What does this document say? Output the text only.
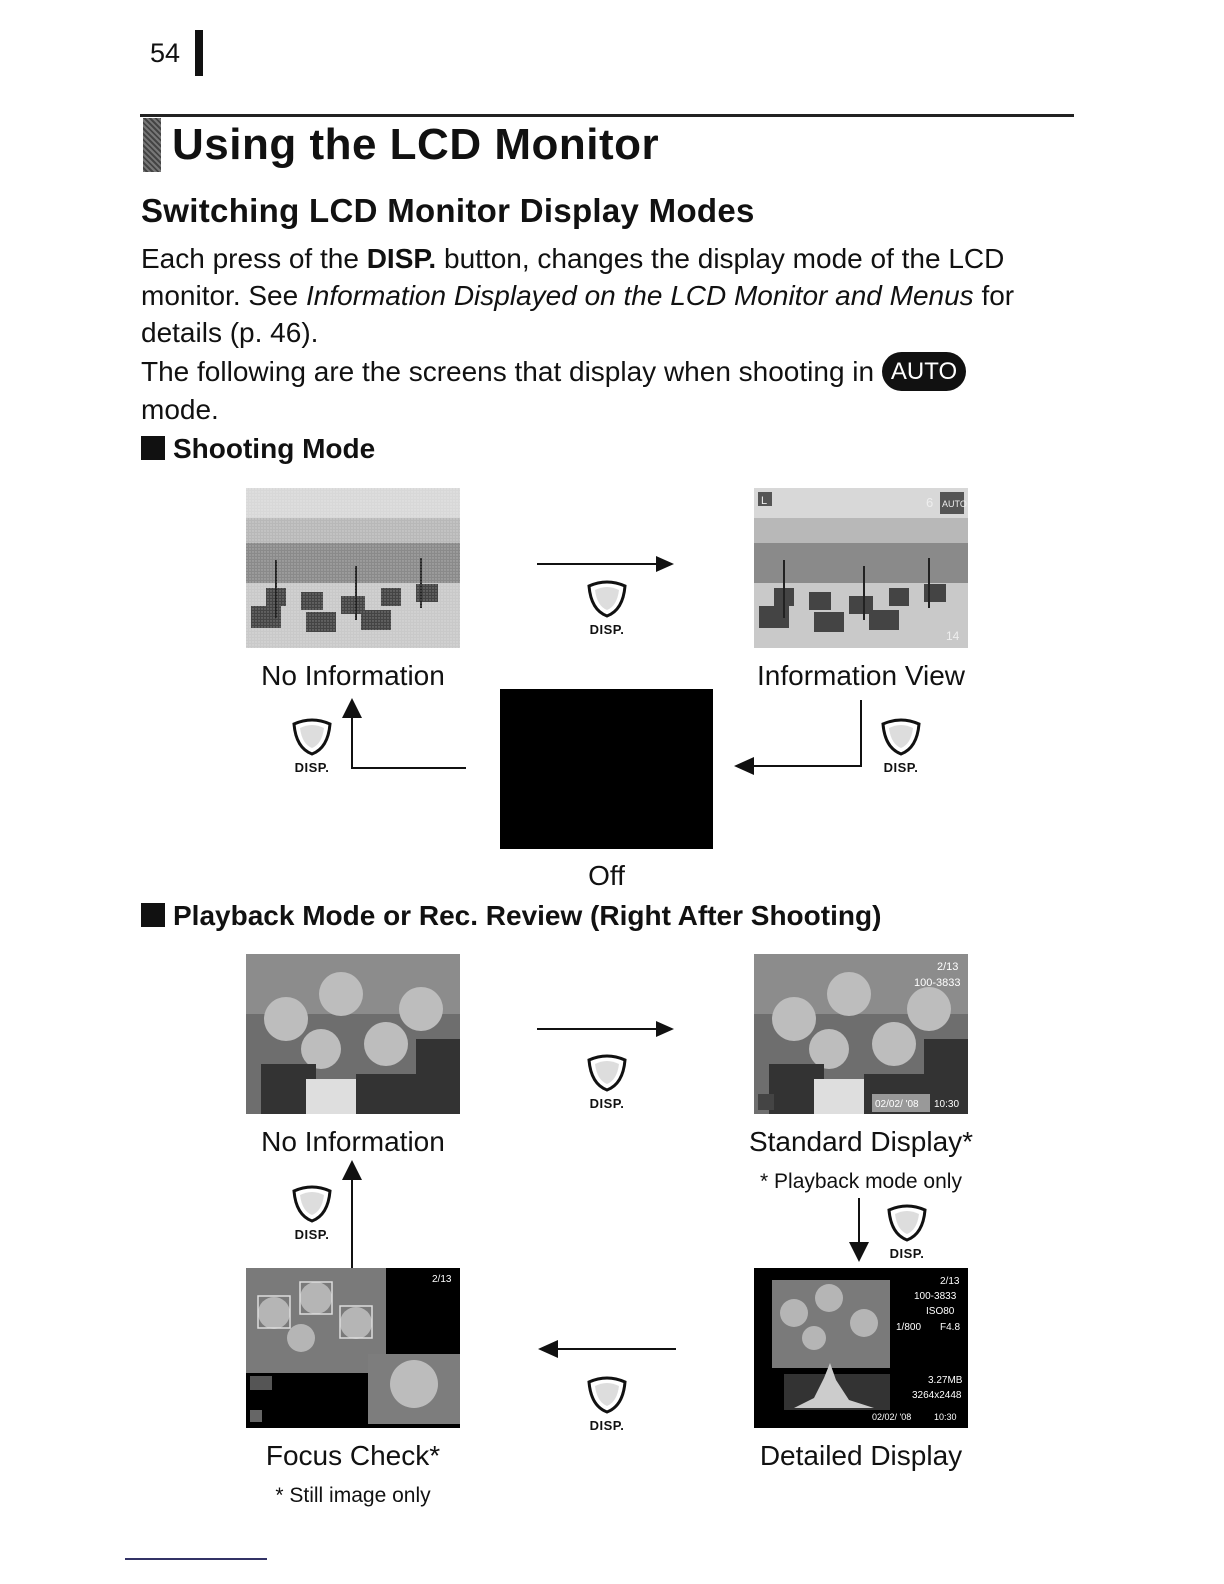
54
Using the LCD Monitor
Switching LCD Monitor Display Modes
Each press of the DISP. button, changes the display mode of the LCD monitor. See Information Displayed on the LCD Monitor and Menus for details (p. 46).
The following are the screens that display when shooting in AUTO
mode.
Shooting Mode
L	AUTO
6
14
DISP.
No Information	Information View
Off
DISP.	DISP.
Playback Mode or Rec. Review (Right After Shooting)
2/13
100-3833
02/02/ '08 10:30
DISP.
No Information	Standard Display*
* Playback mode only
DISP.
DISP.
2/13	2/13
100-3833
ISO80
1/800 F4.8
3.27MB
3264x2448
02/02/ '08	10:30
DISP.
Focus Check*
* Still image only
Detailed Display
